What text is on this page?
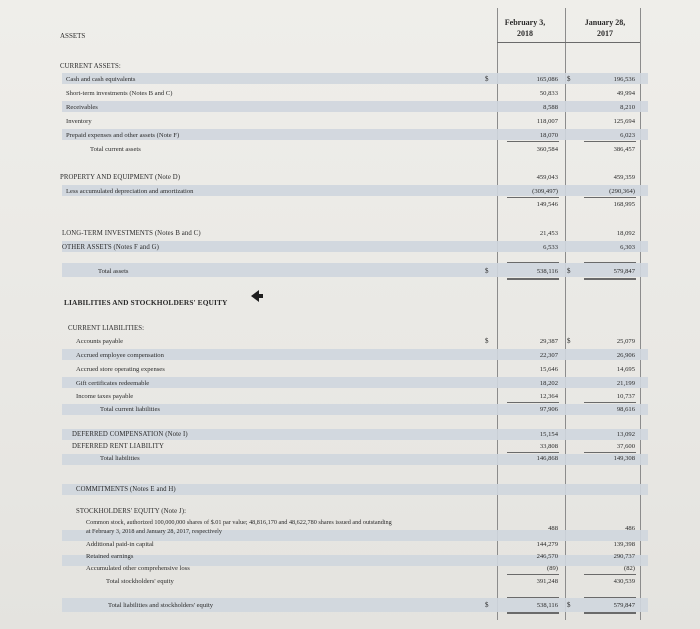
ASSETS
February 3,
2018
January 28,
2017
CURRENT ASSETS:
Cash and cash equivalents	$	165,086 $	196,536
Short-term investments (Notes B and C)	50,833	49,994
Receivables	8,588	8,210
Inventory	118,007	125,694
Prepaid expenses and other assets (Note F)	18,070	6,023
Total current assets	360,584	386,457
PROPERTY AND EQUIPMENT (Note D)	459,043	459,359
Less accumulated depreciation and amortization	(309,497)	(290,364)
149,546	168,995
LONG-TERM INVESTMENTS (Notes B and C)	21,453	18,092
OTHER ASSETS (Notes F and G)	6,533	6,303
Total assets	$	538,116 $	579,847
LIABILITIES AND STOCKHOLDERS' EQUITY
CURRENT LIABILITIES:
Accounts payable	$	29,387 $	25,079
Accrued employee compensation	22,307	26,906
Accrued store operating expenses	15,646	14,695
Gift certificates redeemable	18,202	21,199
Income taxes payable	12,364	10,737
Total current liabilities	97,906	98,616
DEFERRED COMPENSATION (Note I)	15,154	13,092
DEFERRED RENT LIABILITY	33,808	37,600
Total liabilities	146,868	149,308
COMMITMENTS (Notes E and H)
STOCKHOLDERS' EQUITY (Note J):
Common stock, authorized 100,000,000 shares of $.01 par value; 48,816,170 and 48,622,780 shares issued and outstanding
at February 3, 2018 and January 28, 2017, respectively	488	486
Additional paid-in capital	144,279	139,398
Retained earnings	246,570	290,737
Accumulated other comprehensive loss	(89)	(82)
Total stockholders' equity	391,248	430,539
Total liabilities and stockholders' equity	$	538,116 $	579,847
